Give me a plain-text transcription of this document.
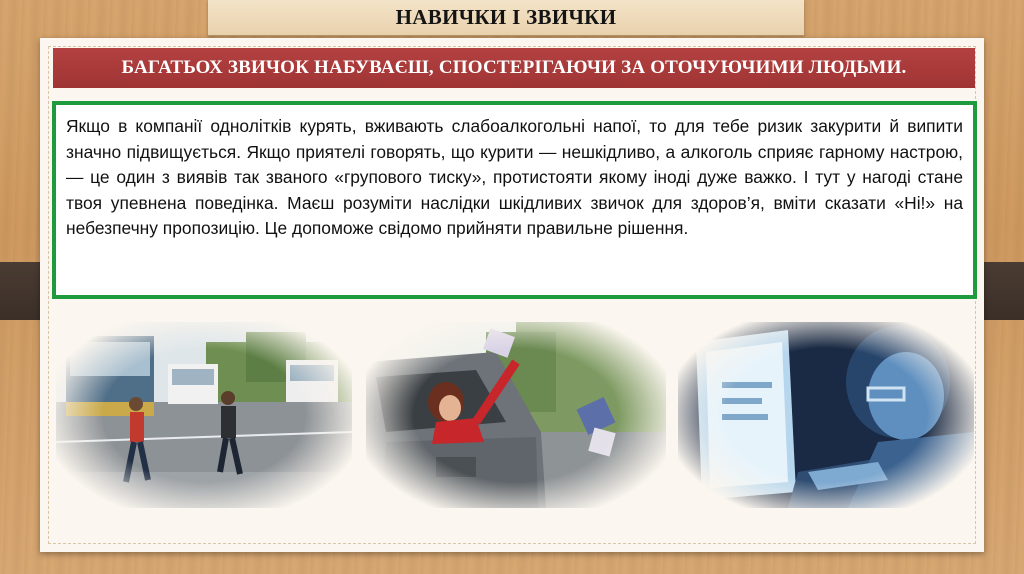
НАВИЧКИ І ЗВИЧКИ
БАГАТЬОХ ЗВИЧОК НАБУВАЄШ, СПОСТЕРІГАЮЧИ ЗА ОТОЧУЮЧИМИ ЛЮДЬМИ.

Якщо в компанії однолітків курять, вживають слабоалкогольні напої, то для тебе ризик закурити й випити значно підвищується. Якщо приятелі говорять, що курити — нешкідливо, а алкоголь сприяє гарному настрою, — це один з виявів так званого «групового тиску», протистояти якому іноді дуже важко. І тут у нагоді стане твоя упевнена поведінка. Маєш розуміти наслідки шкідливих звичок для здоров’я, вміти сказати «Ні!» на небезпечну пропозицію. Це допоможе свідомо прийняти правильне рішення.
